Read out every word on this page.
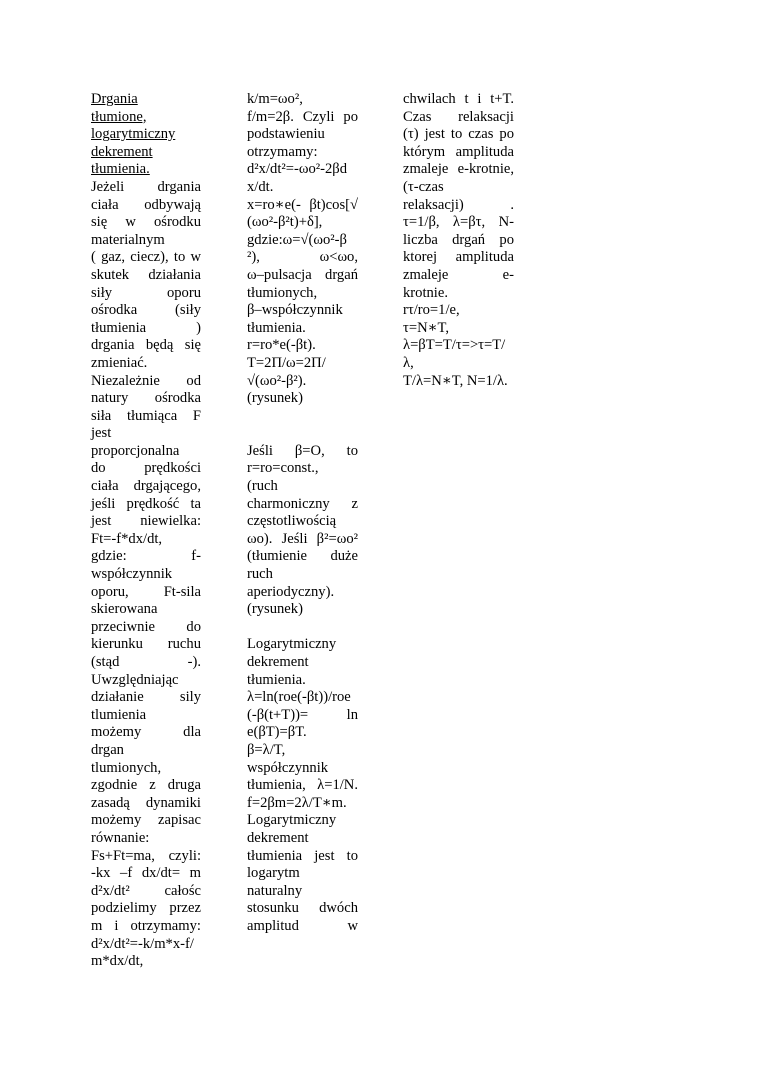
Drgania
tłumione,
logarytmiczny
dekrement
tłumienia.
Jeżeli drgania
ciała odbywają
się w ośrodku
materialnym
( gaz, ciecz), to w
skutek działania
siły oporu
ośrodka (siły
tłumienia )
drgania będą się
zmieniać.
Niezależnie od
natury ośrodka
siła tłumiąca F
jest
proporcjonalna
do prędkości
ciała drgającego,
jeśli prędkość ta
jest niewielka:
Ft=-f*dx/dt,
gdzie: f-
współczynnik
oporu, Ft-sila
skierowana
przeciwnie do
kierunku ruchu
(stąd -).
Uwzględniając
działanie sily
tlumienia
możemy dla
drgan
tlumionych,
zgodnie z druga
zasadą dynamiki
możemy zapisac
równanie:
Fs+Ft=ma, czyli:
-kx –f dx/dt= m
d²x/dt² całośc
podzielimy przez
m i otrzymamy:
d²x/dt²=-k/m*x-f/
m*dx/dt,
k/m=ωo²,
f/m=2β. Czyli po
podstawieniu
otrzymamy:
d²x/dt²=-ωo²-2βd
x/dt.
x=ro∗e(- βt)cos[√
(ωo²-β²t)+δ],
gdzie:ω=√(ωo²-β
²), ω<ωo,
ω–pulsacja drgań
tłumionych,
β–współczynnik
tłumienia.
r=ro*e(-βt).
T=2Π/ω=2Π/
√(ωo²-β²).
(rysunek)
Jeśli β=O, to
r=ro=const.,
(ruch
charmoniczny z
częstotliwością
ωo). Jeśli β²=ωo²
(tłumienie duże
ruch
aperiodyczny).
(rysunek)
Logarytmiczny
dekrement
tłumienia.
λ=ln(roe(-βt))/roe
(-β(t+T))= ln
e(βT)=βT.
β=λ/T,
współczynnik
tłumienia, λ=1/N.
f=2βm=2λ/T∗m.
Logarytmiczny
dekrement
tłumienia jest to
logarytm
naturalny
stosunku dwóch
amplitud w
chwilach t i t+T.
Czas relaksacji
(τ) jest to czas po
którym amplituda
zmaleje e-krotnie,
(τ-czas
relaksacji) .
τ=1/β, λ=βτ, N-
liczba drgań po
ktorej amplituda
zmaleje e-
krotnie.
rτ/ro=1/e,
τ=N∗T,
λ=βT=T/τ=>τ=T/
λ,
T/λ=N∗T, N=1/λ.
